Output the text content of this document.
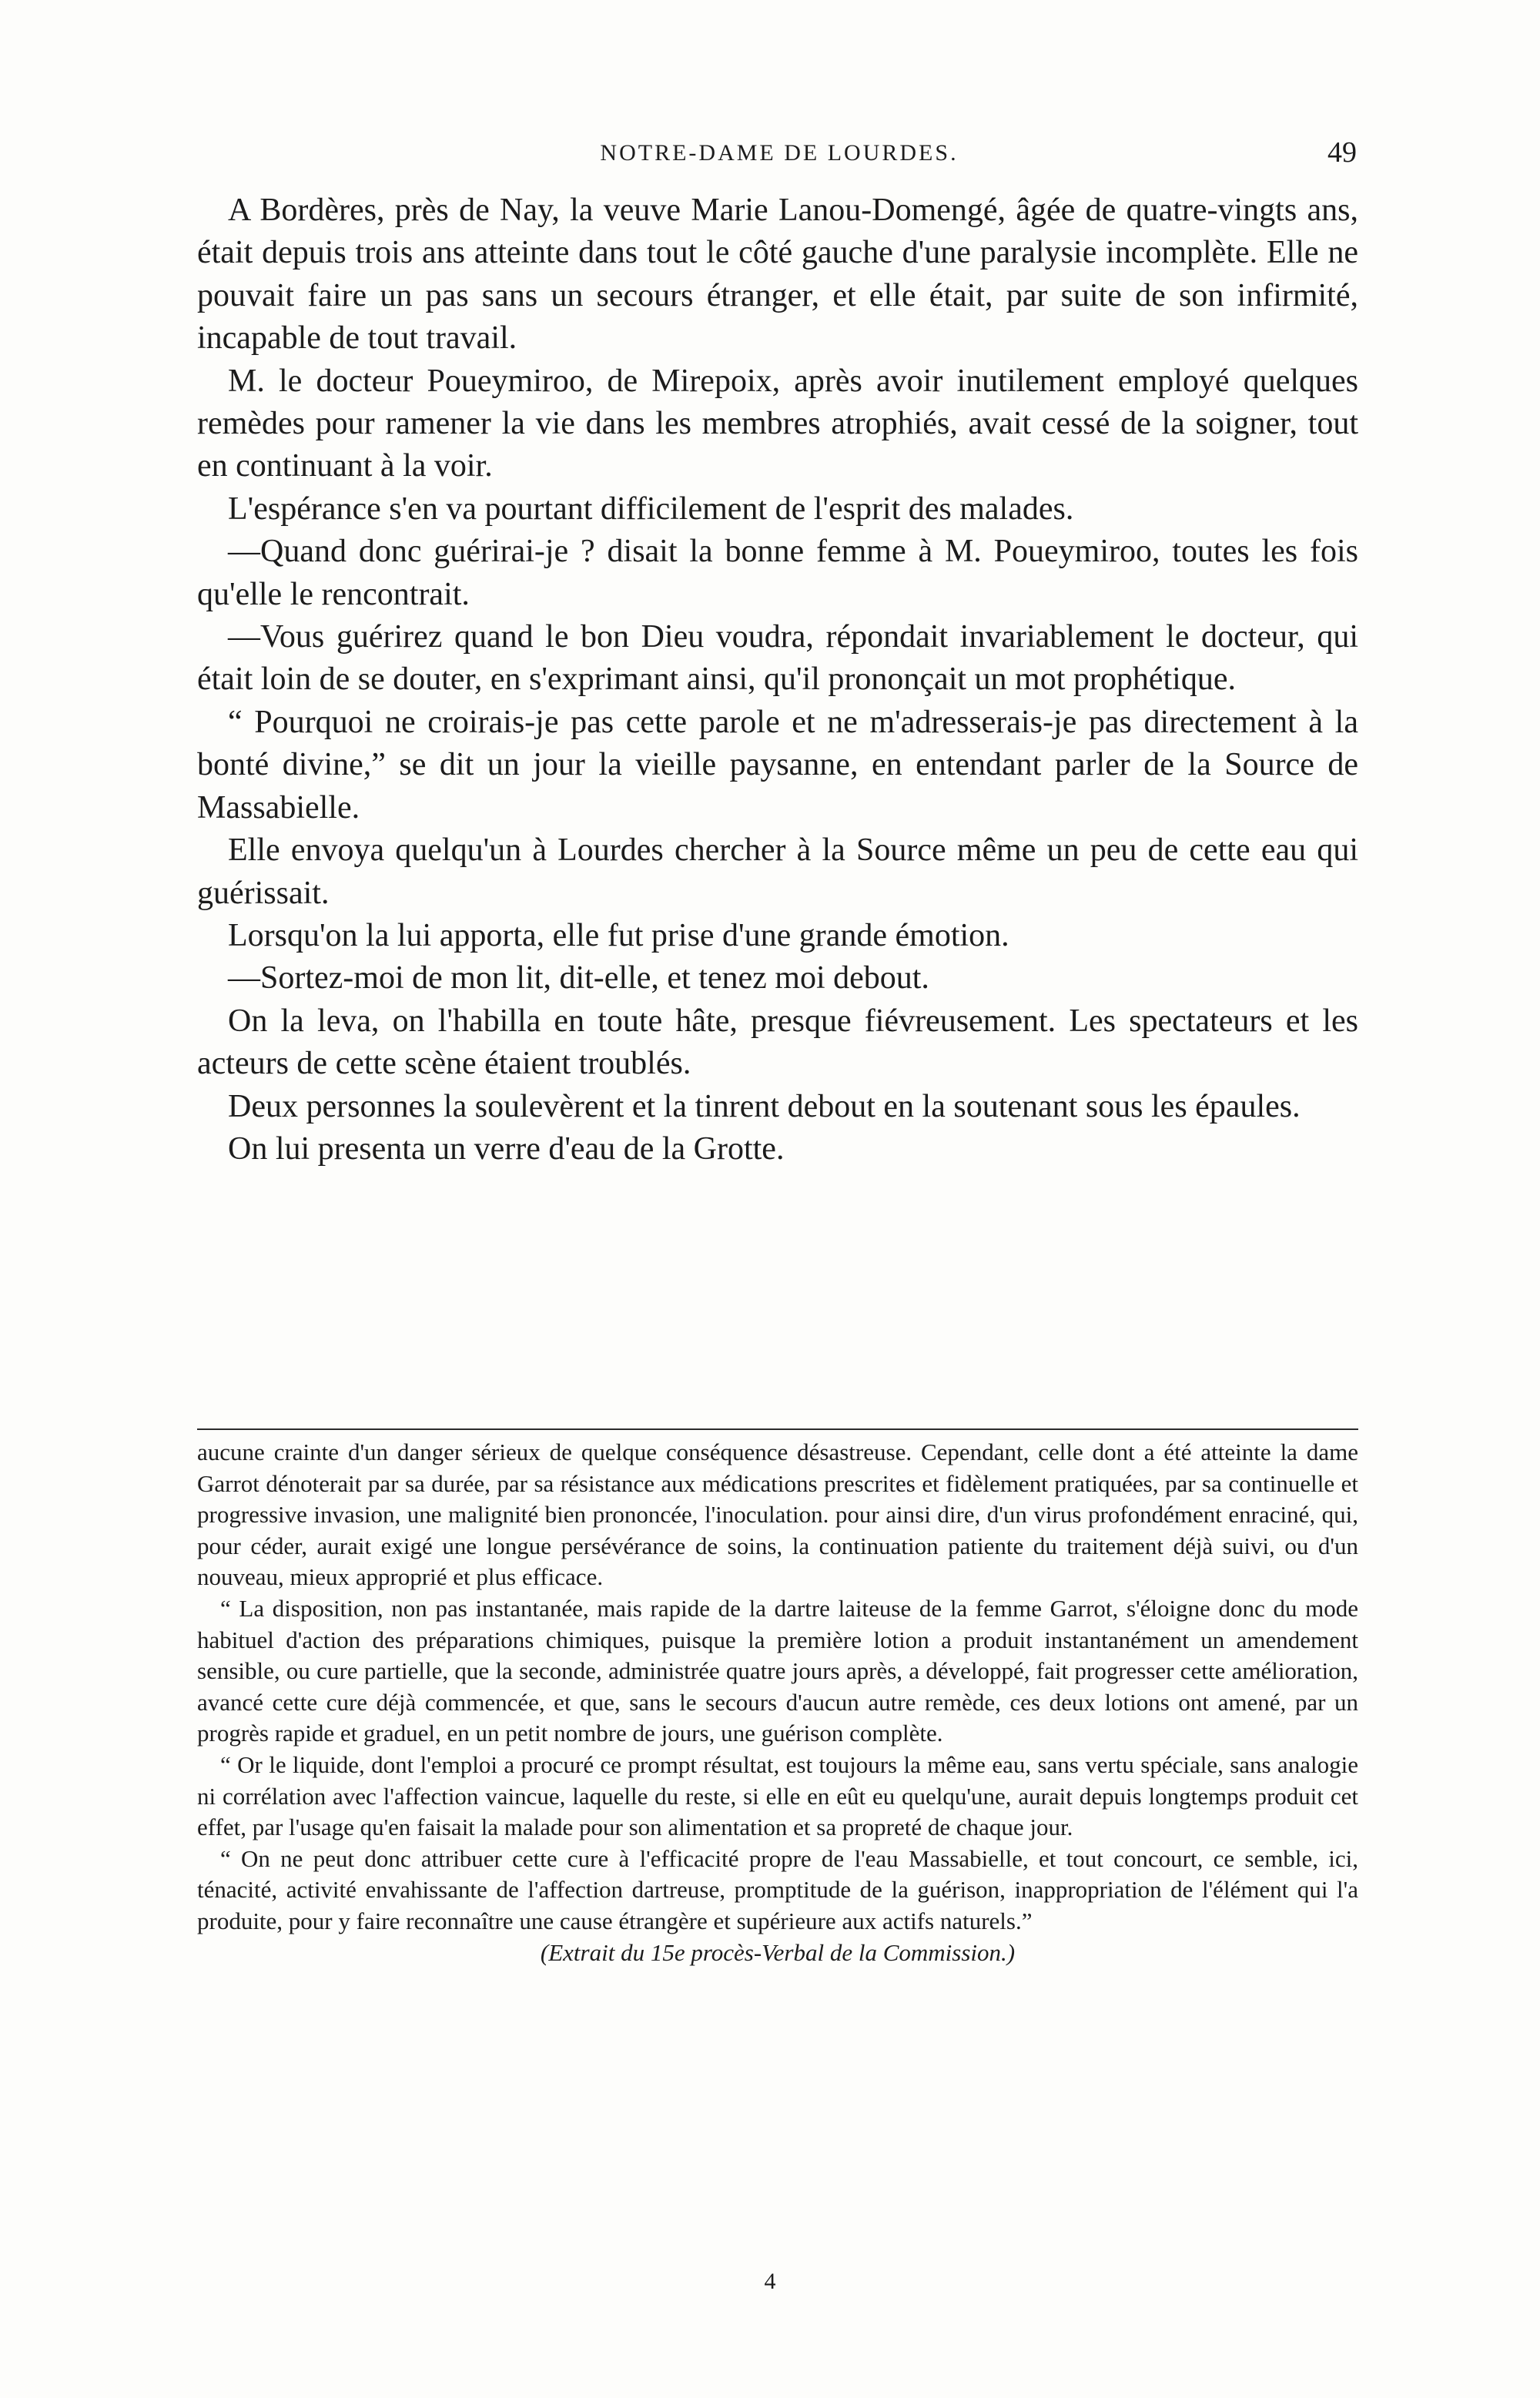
NOTRE-DAME DE LOURDES.	49

A Bordères, près de Nay, la veuve Marie Lanou-Domengé, âgée de quatre-vingts ans, était depuis trois ans atteinte dans tout le côté gauche d'une paralysie incomplète. Elle ne pouvait faire un pas sans un secours étranger, et elle était, par suite de son infirmité, incapable de tout travail.

M. le docteur Poueymiroo, de Mirepoix, après avoir inutilement employé quelques remèdes pour ramener la vie dans les membres atrophiés, avait cessé de la soigner, tout en continuant à la voir.

L'espérance s'en va pourtant difficilement de l'esprit des malades.

—Quand donc guérirai-je ? disait la bonne femme à M. Poueymiroo, toutes les fois qu'elle le rencontrait.

—Vous guérirez quand le bon Dieu voudra, répondait invariablement le docteur, qui était loin de se douter, en s'exprimant ainsi, qu'il prononçait un mot prophétique.

“ Pourquoi ne croirais-je pas cette parole et ne m'adresserais-je pas directement à la bonté divine,” se dit un jour la vieille paysanne, en entendant parler de la Source de Massabielle.

Elle envoya quelqu'un à Lourdes chercher à la Source même un peu de cette eau qui guérissait.

Lorsqu'on la lui apporta, elle fut prise d'une grande émotion.

—Sortez-moi de mon lit, dit-elle, et tenez moi debout.

On la leva, on l'habilla en toute hâte, presque fiévreusement. Les spectateurs et les acteurs de cette scène étaient troublés.

Deux personnes la soulevèrent et la tinrent debout en la soutenant sous les épaules.

On lui presenta un verre d'eau de la Grotte.

aucune crainte d'un danger sérieux de quelque conséquence désastreuse. Cependant, celle dont a été atteinte la dame Garrot dénoterait par sa durée, par sa résistance aux médications prescrites et fidèlement pratiquées, par sa continuelle et progressive invasion, une malignité bien prononcée, l'inoculation. pour ainsi dire, d'un virus profondément enraciné, qui, pour céder, aurait exigé une longue persévérance de soins, la continuation patiente du traitement déjà suivi, ou d'un nouveau, mieux approprié et plus efficace.

“ La disposition, non pas instantanée, mais rapide de la dartre laiteuse de la femme Garrot, s'éloigne donc du mode habituel d'action des préparations chimiques, puisque la première lotion a produit instantanément un amendement sensible, ou cure partielle, que la seconde, administrée quatre jours après, a développé, fait progresser cette amélioration, avancé cette cure déjà commencée, et que, sans le secours d'aucun autre remède, ces deux lotions ont amené, par un progrès rapide et graduel, en un petit nombre de jours, une guérison complète.

“ Or le liquide, dont l'emploi a procuré ce prompt résultat, est toujours la même eau, sans vertu spéciale, sans analogie ni corrélation avec l'affection vaincue, laquelle du reste, si elle en eût eu quelqu'une, aurait depuis longtemps produit cet effet, par l'usage qu'en faisait la malade pour son alimentation et sa propreté de chaque jour.

“ On ne peut donc attribuer cette cure à l'efficacité propre de l'eau Massabielle, et tout concourt, ce semble, ici, ténacité, activité envahissante de l'affection dartreuse, promptitude de la guérison, inappropriation de l'élément qui l'a produite, pour y faire reconnaître une cause étrangère et supérieure aux actifs naturels.”

(Extrait du 15e procès-Verbal de la Commission.)

4
